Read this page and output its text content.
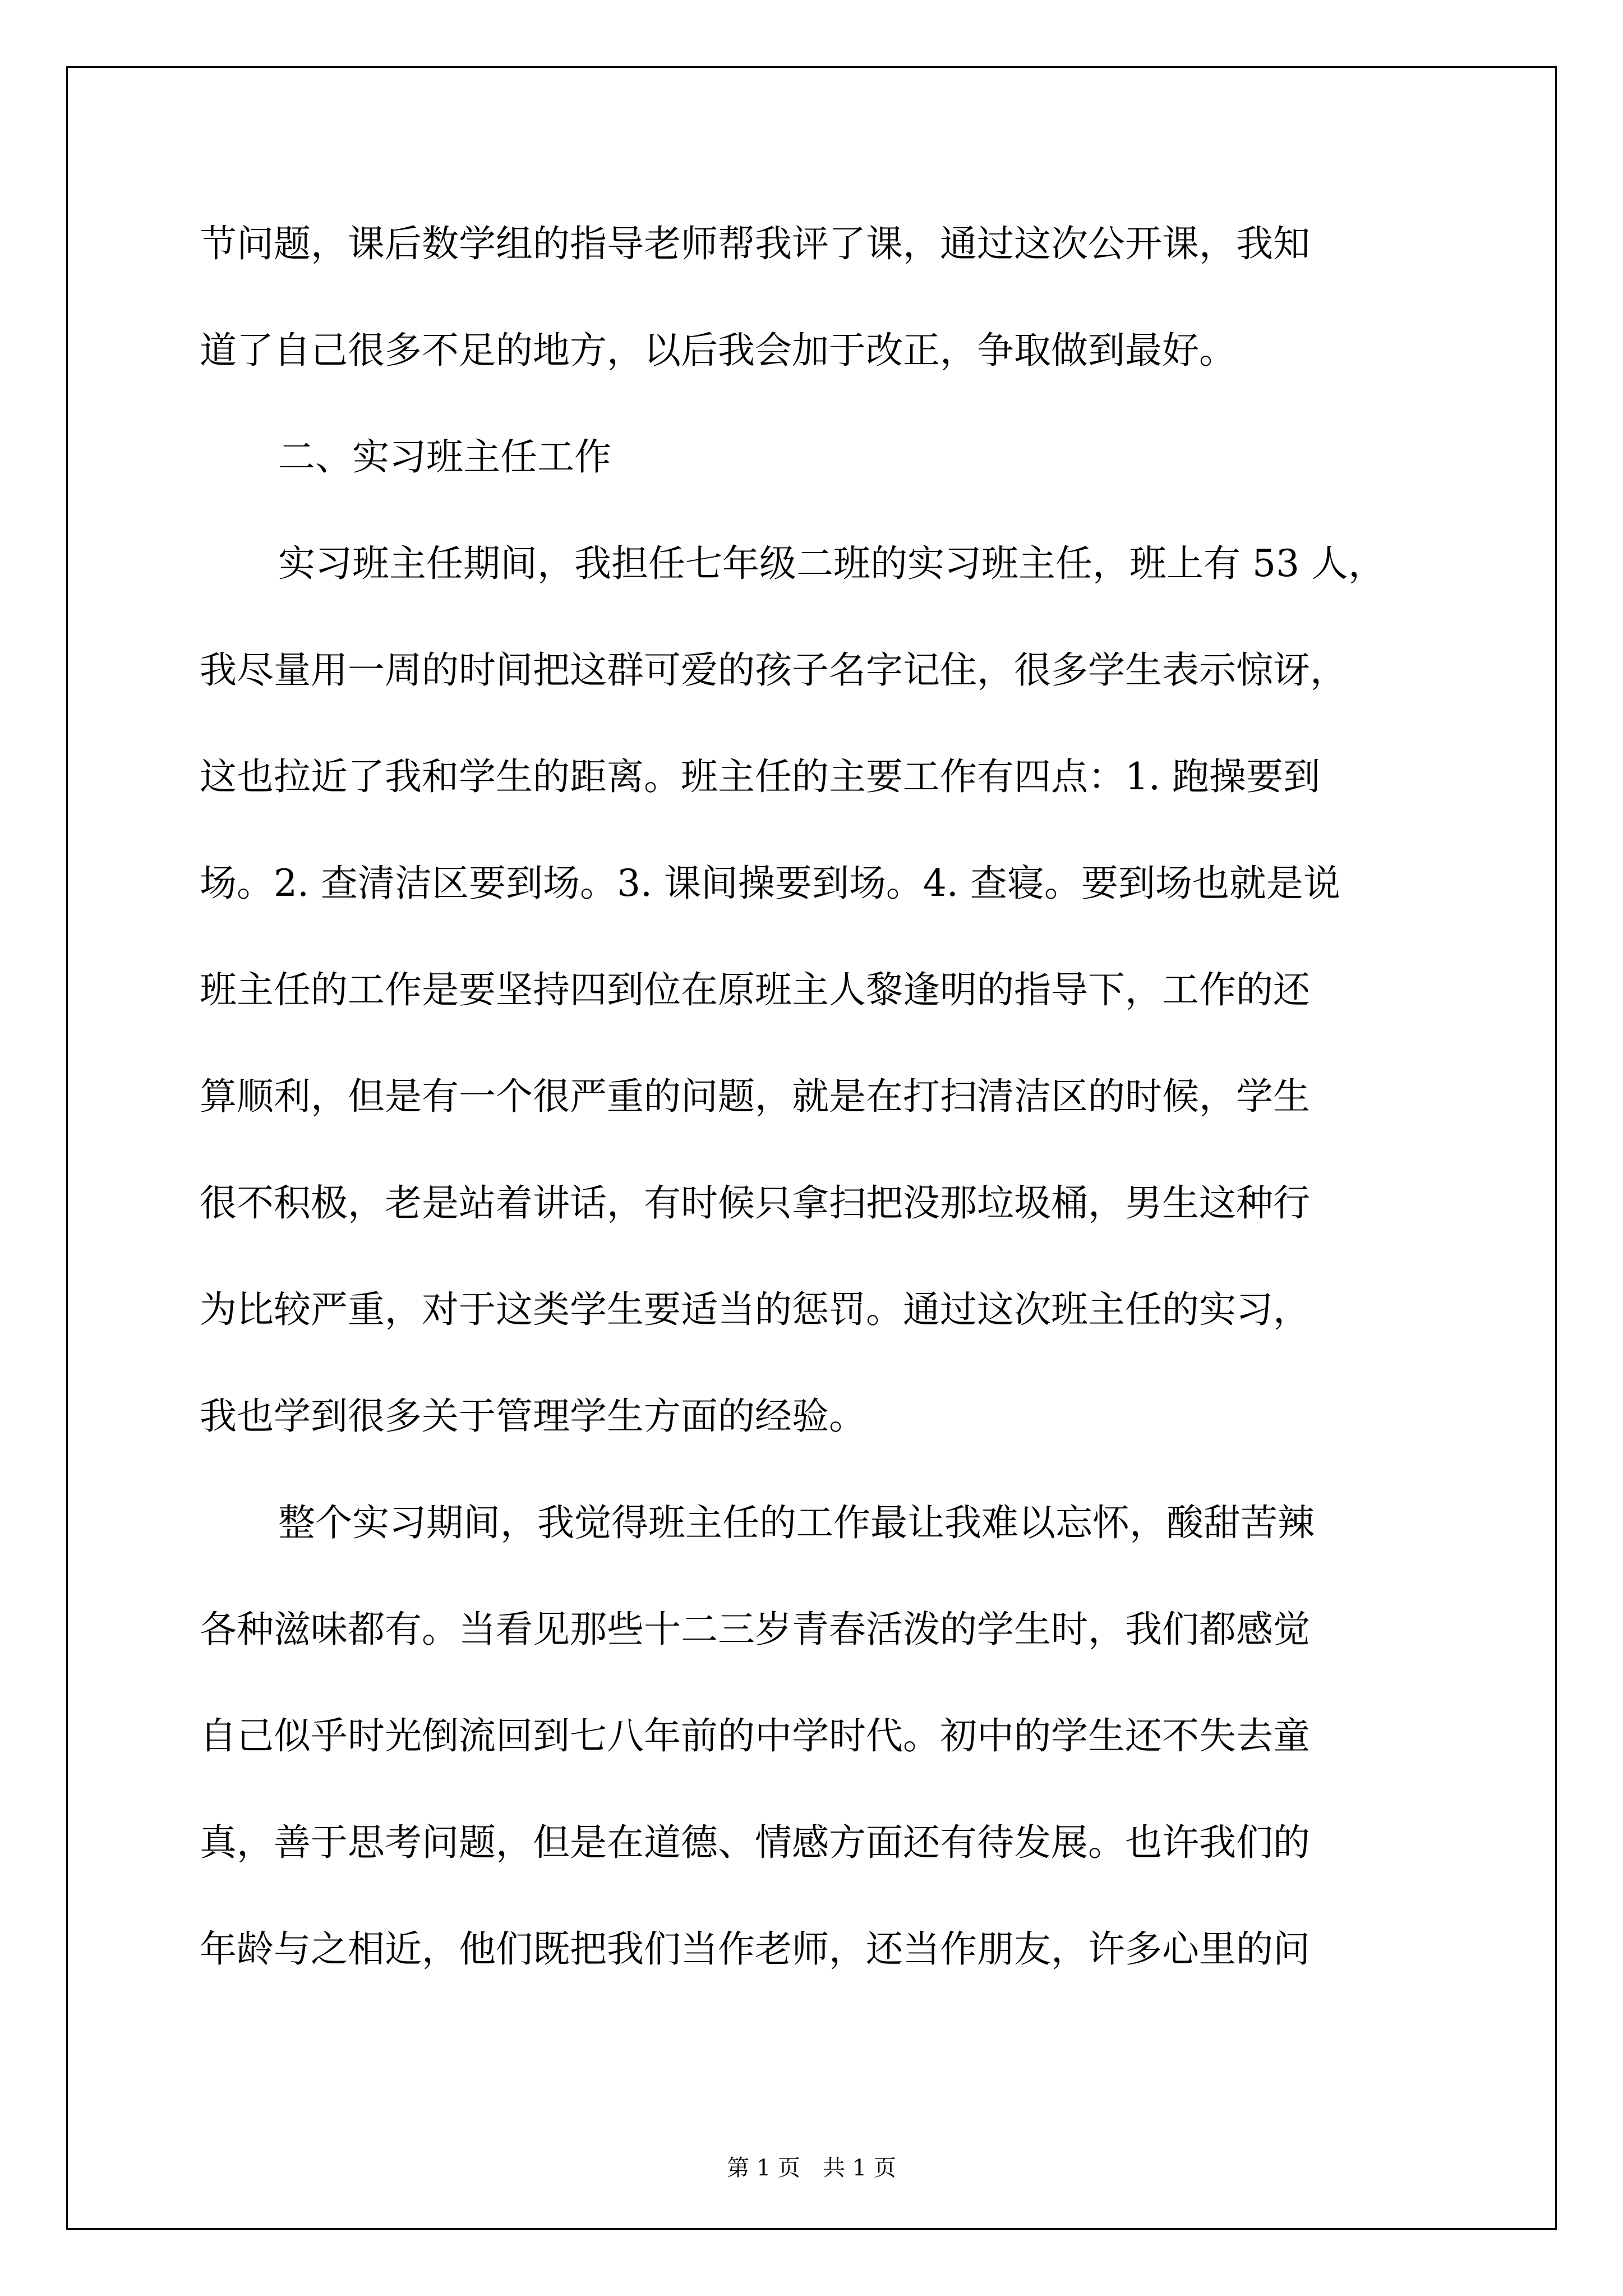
节问题，课后数学组的指导老师帮我评了课，通过这次公开课，我知
道了自己很多不足的地方，以后我会加于改正，争取做到最好。
二、实习班主任工作
实习班主任期间，我担任七年级二班的实习班主任，班上有 53 人，
我尽量用一周的时间把这群可爱的孩子名字记住，很多学生表示惊讶，
这也拉近了我和学生的距离。班主任的主要工作有四点：1. 跑操要到
场。2. 查清洁区要到场。3. 课间操要到场。4. 查寝。要到场也就是说
班主任的工作是要坚持四到位在原班主人黎逢明的指导下，工作的还
算顺利，但是有一个很严重的问题，就是在打扫清洁区的时候，学生
很不积极，老是站着讲话，有时候只拿扫把没那垃圾桶，男生这种行
为比较严重，对于这类学生要适当的惩罚。通过这次班主任的实习，
我也学到很多关于管理学生方面的经验。
整个实习期间，我觉得班主任的工作最让我难以忘怀，酸甜苦辣
各种滋味都有。当看见那些十二三岁青春活泼的学生时，我们都感觉
自己似乎时光倒流回到七八年前的中学时代。初中的学生还不失去童
真，善于思考问题，但是在道德、情感方面还有待发展。也许我们的
年龄与之相近，他们既把我们当作老师，还当作朋友，许多心里的问
第 1 页　共 1 页
